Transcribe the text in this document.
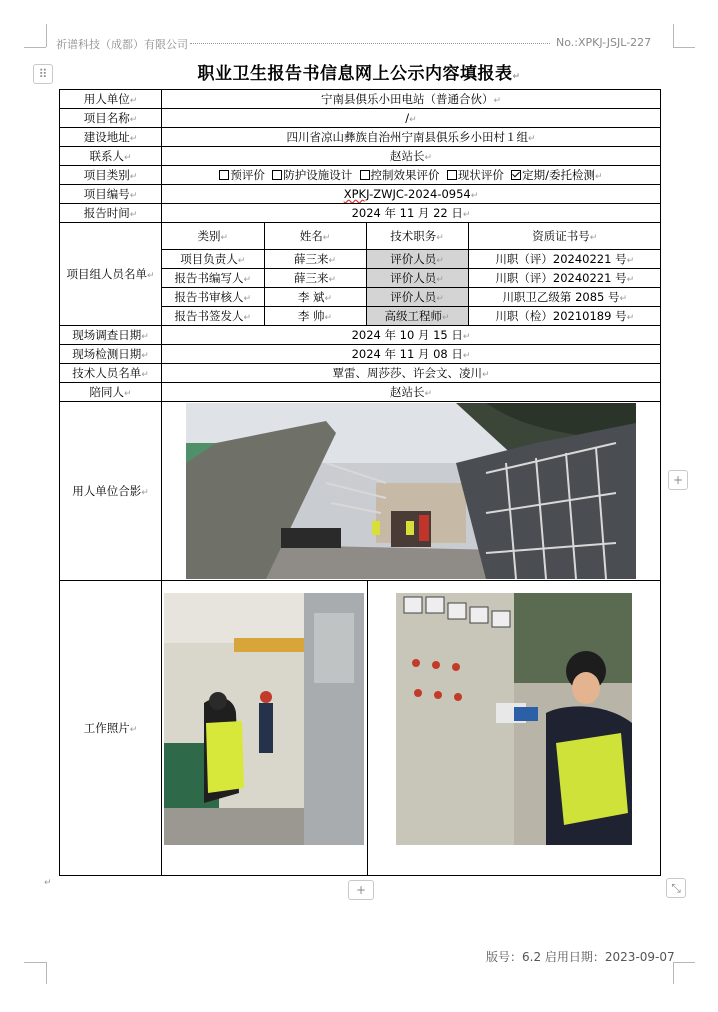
祈谱科技（成都）有限公司	No.:XPKJ-JSJL-227
⠿
+
+	⤡
职业卫生报告书信息网上公示内容填报表↵
用人单位↵	宁南县俱乐小田电站（普通合伙）↵
项目名称↵	/↵
建设地址↵	四川省凉山彝族自治州宁南县俱乐乡小田村１组↵
联系人↵	赵站长↵
项目类别↵	预评价 防护设施设计 控制效果评价 现状评价 定期/委托检测↵
项目编号↵	XPKJ-ZWJC-2024-0954↵
报告时间↵	2024 年 11 月 22 日↵
项目组人员名单↵	
类别↵	姓名↵	技术职务↵	资质证书号↵
项目负责人↵	薛三来↵	评价人员↵	川职（评）20240221 号↵
报告书编写人↵	薛三来↵	评价人员↵	川职（评）20240221 号↵
报告书审核人↵	李 斌↵	评价人员↵	川职卫乙级第 2085 号↵
报告书签发人↵	李 帅↵	高级工程师↵	川职（检）20210189 号↵

现场调查日期↵	2024 年 10 月 15 日↵
现场检测日期↵	2024 年 11 月 08 日↵
技术人员名单↵	覃雷、周莎莎、许会文、凌川↵
陪同人↵	赵站长↵
用人单位合影↵	

工作照片↵	

↵
版号：6.2 启用日期：2023-09-07
